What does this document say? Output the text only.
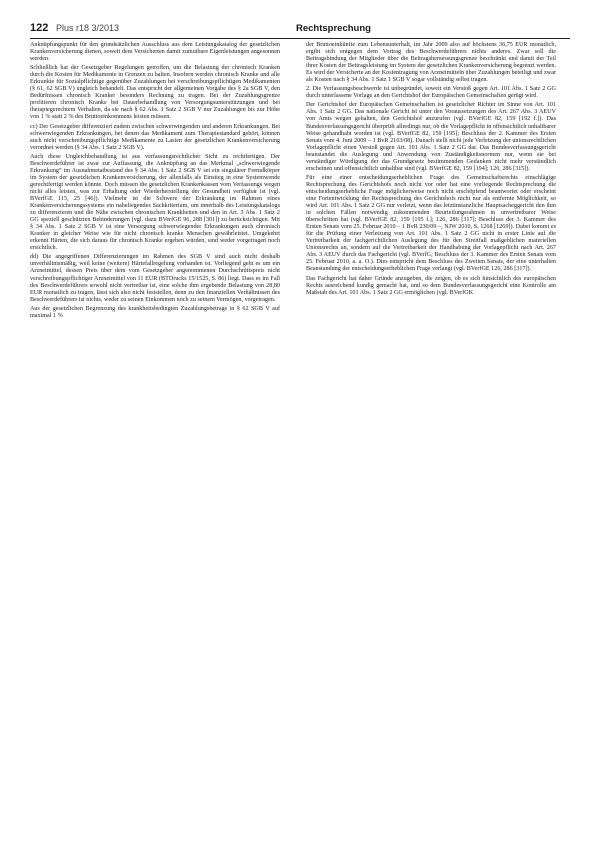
122 Plus r18 3/2013	Rechtsprechung

Anknüpfungspunkt für den grundsätzlichen Ausschluss aus dem Leistungskatalog der gesetzlichen Krankenversicherung dienen, soweit dem Versicherten damit zumutbare Eigenleistungen angesonnen werden.

Schließlich hat der Gesetzgeber Regelungen getroffen, um die Belastung der chronisch Kranken durch die Kosten für Medikamente in Grenzen zu halten. Insofern werden chronisch Kranke und alle Erkrankte für Sozialpflichtige gegenüber Zuzahlungen bei verschreibungspflichtigen Medikamenten (§ 61, 62 SGB V) ungleich behandelt. Das entspricht der allgemeinen Vorgabe des § 2a SGB V, den Bedürfnissen chronisch Kranker besonders Rechnung zu tragen. Bei der Zuzahlungsgrenze profitieren chronisch Kranke bei Dauerbehandlung von Versorgungsunterstützungen und bei therapiegerechtem Verhalten, da sie nach § 62 Abs. 1 Satz 2 SGB V nur Zuzahlungen bis zur Höhe von 1 % statt 2 % des Bruttoeinkommens leisten müssen.

cc) Der Gesetzgeber differenziert zudem zwischen schwerwiegenden und anderen Erkrankungen. Bei schwerwiegenden Erkrankungen, bei denen das Medikament zum Therapiestandard gehört, können auch nicht verschreibungspflichtige Medikamente zu Lasten der gesetzlichen Krankenversicherung verordnet werden (§ 34 Abs. 1 Satz 2 SGB V).

Auch diese Ungleichbehandlung ist aus verfassungsrechtlicher Sicht zu rechtfertigen. Der Beschwerdeführer ist zwar zur Auffassung, die Anknüpfung an das Merkmal „schwerwiegende Erkrankung“ im Ausnahmetatbestand des § 34 Abs. 1 Satz 2 SGB V sei ein singulärer Fremdkörper im System der gesetzlichen Krankenversicherung, der allenfalls als Einstieg in eine Systemwende gerechtfertigt werden könnte. Doch müssen die gesetzlichen Krankenkassen vom Verfassungs wegen nicht alles leisten, was zur Erhaltung oder Wiederherstellung der Gesundheit verfügbar ist (vgl. BVerfGE 115, 25 [46]). Vielmehr ist die Schwere der Erkrankung im Rahmen eines Krankenversicherungssystems ein naheliegendes Sachkriterium, um innerhalb des Leistungskatalogs zu differenzieren und die Nähe zwischen chronischen Krankheiten und den in Art. 3 Abs. 1 Satz 2 GG speziell geschützten Behinderungen (vgl. dazu BVerfGE 96, 288 [301]) zu berücksichtigen. Mit § 34 Abs. 1 Satz 2 SGB V ist eine Versorgung schwerwiegender Erkrankungen auch chronisch Kranker in gleicher Weise wie für nicht chronisch kranke Menschen gewährleistet. Umgekehrt erkennt Härten, die sich daraus für chronisch Kranke ergeben würden, sind weder vorgetragen noch ersichtlich.

dd) Die angegriffenen Differenzierungen im Rahmen des SGB V sind auch nicht deshalb unverhältnismäßig, weil keine (weitere) Härtefallregelung vorhanden ist. Vorliegend geht es um ein Arzneimittel, dessen Preis über dem vom Gesetzgeber angenommenen Durchschnittspreis nicht verschreibungspflichtiger Arzneimittel von 11 EUR (BTDrucks 15/1525, S. 86) liegt. Dass es im Fall des Beschwerdeführers sowohl nicht vertretbar ist, eine solche ihm ergebende Belastung von 28,80 EUR monatlich zu tragen, lässt sich also nicht feststellen, denn zu den finanziellen Verhältnissen des Beschwerdeführers ist nichts, weder zu seinen Einkommen noch zu seinem Vermögen, vorgetragen.

Aus der gesetzlichen Begrenzung des krankheitsbedingten Zuzahlungsbetrags in § 62 SGB V auf maximal 1 %

der Bruttoeinkünfte zum Lebensunterhalt, im Jahr 2009 also auf höchstens 36,75 EUR monatlich, ergibt sich entgegen dem Vortrag des Beschwerdeführers nichts anderes. Zwar soll die Beitragsbindung der Mitglieder über die Beitragsbemessungsgrenze beschränkt und damit der Teil ihrer Kosten der Beitragsleistung im System der gesetzlichen Krankenversicherung begrenzt werden. Es wird der Versicherte an der Kostentragung von Arzneimitteln über Zuzahlungen beteiligt und zwar als Kosten nach § 34 Abs. 1 Satz 1 SGB V sogar vollständig selbst tragen.

2. Die Verfassungsbeschwerde ist unbegründet, soweit ein Verstoß gegen Art. 101 Abs. 1 Satz 2 GG durch unterlassene Vorlage an den Gerichtshof der Europäischen Gemeinschaften gerügt wird.

Der Gerichtshof der Europäischen Gemeinschaften ist gesetzlicher Richter im Sinne von Art. 101 Abs. 1 Satz 2 GG. Das nationale Gericht ist unter den Voraussetzungen des Art. 267 Abs. 3 AEUV von Amts wegen gehalten, den Gerichtshof anzurufen (vgl. BVerfGE 82, 159 [192 f.]). Das Bundesverfassungsgericht überprüft allerdings nur, ob die Vorlagepflicht in offensichtlich unhaltbarer Weise gehandhabt worden ist (vgl. BVerfGE 82, 159 [195]; Beschluss der 2. Kammer des Ersten Senats vom 4. Juni 2009 – 1 BvR 2163/08). Danach stellt nicht jede Verletzung der unionsrechtlichen Vorlagepflicht einen Verstoß gegen Art. 101 Abs. 1 Satz 2 GG dar. Das Bundesverfassungsgericht beanstandet die Auslegung und Anwendung von Zuständigkeitsnormen nur, wenn sie bei verständiger Würdigung der das Grundgesetz bestimmenden Gedanken nicht mehr verständlich erscheinen und offensichtlich unhaltbar sind (vgl. BVerfGE 82, 159 [194]; 126, 286 [315]).

Für eine einer entscheidungserheblichen Frage des Gemeinschaftsrechts einschlägige Rechtsprechung des Gerichtshofs noch nicht vor oder hat eine vorliegende Rechtsprechung die entscheidungserhebliche Frage möglicherweise noch nicht erschöpfend beantwortet oder erscheint eine Fortentwicklung der Rechtsprechung des Gerichtshofs nicht nur als entfernte Möglichkeit, so wird Art. 101 Abs. 1 Satz 2 GG nur verletzt, wenn das letztinstanzliche Hauptsacheggericht den ihm in solchen Fällen notwendig zukommenden Beurteilungsrahmen in unvertretbarer Weise überschritten hat (vgl. BVerfGE 82, 159 [195 f.]; 126, 286 [317]; Beschluss der 3. Kammer des Ersten Senats vom 25. Februar 2010 – 1 BvR 230/09 –, NJW 2010, S. 1268 [1269]). Dabei kommt es für die Prüfung einer Verletzung von Art. 101 Abs. 1 Satz 2 GG nicht in erster Linie auf die Vertretbarkeit der fachgerichtlichen Auslegung des für den Streitfall maßgeblichen materiellen Unionsrechts an, sondern auf die Vertretbarkeit der Handhabung der Vorlagepflicht nach Art. 267 Abs. 3 AEUV durch das Fachgericht (vgl. BVerfG, Beschluss der 3. Kammer des Ersten Senats vom 25. Februar 2010, a. a. O.). Dies entspricht dem Beschluss des Zweiten Senats, der eine unterhalten Beanstandung der entscheidungserheblichen Frage verlangt (vgl. BVerfGE 126, 286 [317]).

Das Fachgericht hat daher Gründe anzugeben, die zeigen, ob es sich hinsichtlich des europäischen Rechts ausreichend kundig gemacht hat, und so dem Bundesverfassungsgericht eine Kontrolle am Maßstab des Art. 101 Abs. 1 Satz 2 GG ermöglichen (vgl. BVerfGK
